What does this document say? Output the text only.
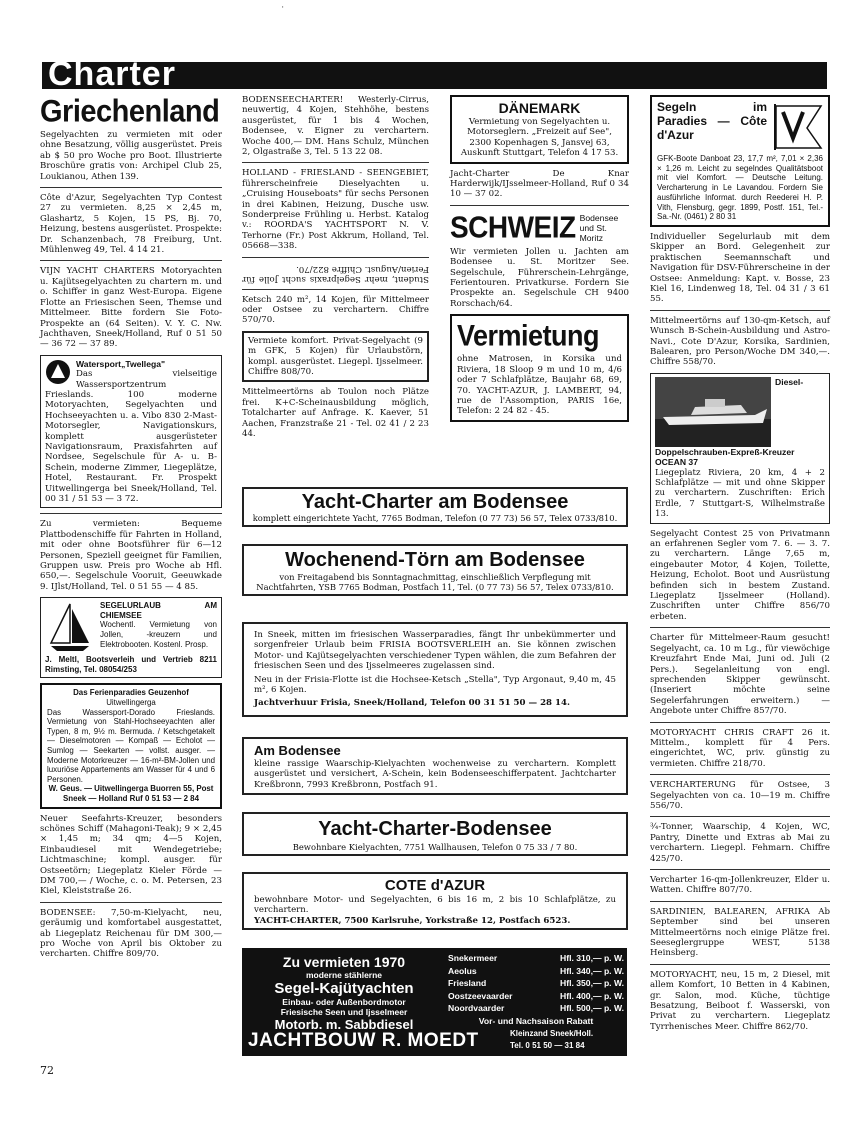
'
Charter
Griechenland
Segelyachten zu vermieten mit oder ohne Besatzung, völlig ausgerüstet. Preis ab $ 50 pro Woche pro Boot. Illustrierte Broschüre gratis von: Archipel Club 25, Loukianou, Athen 139.
Côte d'Azur, Segelyachten Typ Contest 27 zu vermieten. 8,25 × 2,45 m, Glashartz, 5 Kojen, 15 PS, Bj. 70, Heizung, bestens ausgerüstet. Prospekte: Dr. Schanzenbach, 78 Freiburg, Unt. Mühlenweg 49, Tel. 4 14 21.
VIJN YACHT CHARTERS Motoryachten u. Kajütsegelyachten zu chartern m. und o. Schiffer in ganz West-Europa. Eigene Flotte an Friesischen Seen, Themse und Mittelmeer. Bitte fordern Sie Foto-Prospekte an (64 Seiten). V. Y. C. Nw. Jachthaven, Sneek/Holland, Ruf 0 51 50 — 36 72 — 37 89.
Watersport„Twellega"
Das vielseitige Wassersportzentrum Frieslands. 100 moderne Motoryachten, Segelyachten und Hochseeyachten u. a. Vibo 830 2-Mast-Motorsegler, Navigationskurs, komplett ausgerüsteter Navigationsraum, Praxisfahrten auf Nordsee, Segelschule für A- u. B-Schein, moderne Zimmer, Liegeplätze, Hotel, Restaurant. Fr. Prospekt Uitwellingerga bei Sneek/Holland, Tel. 00 31 / 51 53 — 3 72.
Zu vermieten: Bequeme Plattbodenschiffe für Fahrten in Holland, mit oder ohne Bootsführer für 6—12 Personen, Speziell geeignet für Familien, Gruppen usw. Preis pro Woche ab Hfl. 650,—. Segelschule Vooruit, Geeuwkade 9. IJlst/Holland, Tel. 0 51 55 — 4 85.
SEGELURLAUB AM CHIEMSEE
Wochentl. Vermietung von Jollen, -kreuzern und Elektrobooten. Kostenl. Prosp.
J. Meltl, Bootsverleih und Vertrieb 8211 Rimsting, Tel. 08054/253
Das Ferienparadies Geuzenhof
Uitwellingerga
Das Wassersport-Dorado Frieslands. Vermietung von Stahl-Hochseeyachten aller Typen, 8 m, 9½ m. Bermuda. / Ketschgetakelt — Dieselmotoren — Kompaß — Echolot — Sumlog — Seekarten — vollst. ausger. — Moderne Motorkreuzer — 16-m²-BM-Jollen und luxuriöse Appartements am Wasser für 4 und 6 Personen.
W. Geus. — Uitwellingerga Buorren 55, Post Sneek — Holland Ruf 0 51 53 — 2 84
Neuer Seefahrts-Kreuzer, besonders schönes Schiff (Mahagoni-Teak); 9 × 2,45 × 1,45 m; 34 qm; 4—5 Kojen, Einbaudiesel mit Wendegetriebe; Lichtmaschine; kompl. ausger. für Ostseetörn; Liegeplatz Kieler Förde — DM 700,— / Woche, c. o. M. Petersen, 23 Kiel, Kleiststraße 26.
BODENSEE: 7,50-m-Kielyacht, neu, geräumig und komfortabel ausgestattet, ab Liegeplatz Reichenau für DM 300,— pro Woche von April bis Oktober zu vercharten. Chiffre 809/70.
BODENSEECHARTER! Westerly-Cirrus, neuwertig, 4 Kojen, Stehhöhe, bestens ausgerüstet, für 1 bis 4 Wochen, Bodensee, v. Eigner zu verchartern. Woche 400,— DM. Hans Schulz, München 2, Olgastraße 3, Tel. 5 13 22 08.
HOLLAND - FRIESLAND - SEENGEBIET, führerscheinfreie Dieselyachten u. „Cruising Houseboats" für sechs Personen in drei Kabinen, Heizung, Dusche usw. Sonderpreise Frühling u. Herbst. Katalog v.: ROORDA'S YACHTSPORT N. V. Terhorne (Fr.) Post Akkrum, Holland, Tel. 05668—338.
Student, mehr Segelpraxis sucht Jolle für Ferien/August. Chiffre 822/70.
Ketsch 240 m², 14 Kojen, für Mittelmeer oder Ostsee zu verchartern. Chiffre 570/70.
Vermiete komfort. Privat-Segelyacht (9 m GFK, 5 Kojen) für Urlaubstörn, kompl. ausgerüstet. Liegepl. Ijsselmeer. Chiffre 808/70.
Mittelmeertörns ab Toulon noch Plätze frei. K+C-Scheinausbildung möglich, Totalcharter auf Anfrage. K. Kaever, 51 Aachen, Franzstraße 21 - Tel. 02 41 / 2 23 44.
DÄNEMARK
Vermietung von Segelyachten u. Motorseglern. „Freizeit auf See", 2300 Kopenhagen S, Jansvej 63, Auskunft Stuttgart, Telefon 4 17 53.
Jacht-Charter De Knar Harderwijk/IJsselmeer-Holland, Ruf 0 34 10 — 37 02.
SCHWEIZ Bodensee und St. Moritz
Wir vermieten Jollen u. Jachten am Bodensee u. St. Moritzer See. Segelschule, Führerschein-Lehrgänge, Ferientouren. Privatkurse. Fordern Sie Prospekte an. Segelschule CH 9400 Rorschach/64.
Vermietung
ohne Matrosen, in Korsika und Riviera, 18 Sloop 9 m und 10 m, 4/6 oder 7 Schlafplätze, Baujahr 68, 69, 70. YACHT-AZUR, J. LAMBERT, 94, rue de l'Assomption, PARIS 16e, Telefon: 2 24 82 - 45.
Segeln im Paradies — Côte d'Azur
GFK-Boote Danboat 23, 17,7 m², 7,01 × 2,36 × 1,26 m. Leicht zu segelndes Qualitätsboot mit viel Komfort. — Deutsche Leitung. Vercharterung in Le Lavandou. Fordern Sie ausführliche Informat. durch Reederei H. P. Vith, Flensburg, gegr. 1899, Postf. 151, Tel.-Sa.-Nr. (0461) 2 80 31
Individueller Segelurlaub mit dem Skipper an Bord. Gelegenheit zur praktischen Seemannschaft und Navigation für DSV-Führerscheine in der Ostsee: Anmeldung: Kapt. v. Bosse, 23 Kiel 16, Lindenweg 18, Tel. 04 31 / 3 61 55.
Mittelmeertörns auf 130-qm-Ketsch, auf Wunsch B-Schein-Ausbildung und Astro-Navi., Cote D'Azur, Korsika, Sardinien, Balearen, pro Person/Woche DM 340,—. Chiffre 558/70.
Diesel-Doppelschrauben-Expreß-Kreuzer OCEAN 37
Liegeplatz Riviera, 20 km, 4 + 2 Schlafplätze — mit und ohne Skipper zu verchartern. Zuschriften: Erich Erdle, 7 Stuttgart-S, Wilhelmstraße 13.
Segelyacht Contest 25 von Privatmann an erfahrenen Segler vom 7. 6. — 3. 7. zu verchartern. Länge 7,65 m, eingebauter Motor, 4 Kojen, Toilette, Heizung, Echolot. Boot und Ausrüstung befinden sich in bestem Zustand. Liegeplatz Ijsselmeer (Holland). Zuschriften unter Chiffre 856/70 erbeten.
Charter für Mittelmeer-Raum gesucht! Segelyacht, ca. 10 m Lg., für viewöchige Kreuzfahrt Ende Mai, Juni od. Juli (2 Pers.). Segelanleitung von engl. sprechenden Skipper gewünscht. (Inseriert möchte seine Segelerfahrungen erweitern.) — Angebote unter Chiffre 857/70.
MOTORYACHT CHRIS CRAFT 26 it. Mittelm., komplett für 4 Pers. eingerichtet, WC, priv. günstig zu vermieten. Chiffre 218/70.
VERCHARTERUNG für Ostsee, 3 Segelyachten von ca. 10—19 m. Chiffre 556/70.
¾-Tonner, Waarschip, 4 Kojen, WC, Pantry, Dinette und Extras ab Mai zu verchartern. Liegepl. Fehmarn. Chiffre 425/70.
Vercharter 16-qm-Jollenkreuzer, Elder u. Watten. Chiffre 807/70.
SARDINIEN, BALEAREN, AFRIKA Ab September sind bei unseren Mittelmeertörns noch einige Plätze frei. Seeseglergruppe WEST, 5138 Heinsberg.
MOTORYACHT, neu, 15 m, 2 Diesel, mit allem Komfort, 10 Betten in 4 Kabinen, gr. Salon, mod. Küche, tüchtige Besatzung, Beiboot f. Wasserski, von Privat zu verchartern. Liegeplatz Tyrrhenisches Meer. Chiffre 862/70.
Yacht-Charter am Bodensee
komplett eingerichtete Yacht, 7765 Bodman, Telefon (0 77 73) 56 57, Telex 0733/810.
Wochenend-Törn am Bodensee
von Freitagabend bis Sonntagnachmittag, einschließlich Verpflegung mit Nachtfahrten, YSB 7765 Bodman, Postfach 11, Tel. (0 77 73) 56 57, Telex 0733/810.
In Sneek, mitten im friesischen Wasserparadies, fängt Ihr unbekümmerter und sorgenfreier Urlaub beim FRISIA BOOTSVERLEIH an. Sie können zwischen Motor- und Kajütsegelyachten verschiedener Typen wählen, die zum Befahren der friesischen Seen und des Ijsselmeeres zugelassen sind.
Neu in der Frisia-Flotte ist die Hochsee-Ketsch „Stella", Typ Argonaut, 9,40 m, 45 m², 6 Kojen.
Jachtverhuur Frisia, Sneek/Holland, Telefon 00 31 51 50 — 28 14.
Am Bodensee
kleine rassige Waarschip-Kielyachten wochenweise zu verchartern. Komplett ausgerüstet und versichert, A-Schein, kein Bodenseeschifferpatent. Jachtcharter Kreßbronn, 7993 Kreßbronn, Postfach 91.
Yacht-Charter-Bodensee
Bewohnbare Kielyachten, 7751 Wallhausen, Telefon 0 75 33 / 7 80.
COTE d'AZUR
bewohnbare Motor- und Segelyachten, 6 bis 16 m, 2 bis 10 Schlafplätze, zu verchartern.
YACHT-CHARTER, 7500 Karlsruhe, Yorkstraße 12, Postfach 6523.
Zu vermieten 1970
moderne stählerne
Segel-Kajütyachten
Einbau- oder Außenbordmotor
Friesische Seen und Ijsselmeer
Motorb. m. Sabbdiesel
Snekermeer	Hfl. 310,— p. W.
Aeolus	Hfl. 340,— p. W.
Friesland	Hfl. 350,— p. W.
Oostzeevaarder	Hfl. 400,— p. W.
Noordvaarder	Hfl. 500,— p. W.
Vor- und Nachsaison Rabatt
JACHTBOUW R. MOEDT	Kleinzand Sneek/Holl.
Tel. 0 51 50 — 31 84
72
